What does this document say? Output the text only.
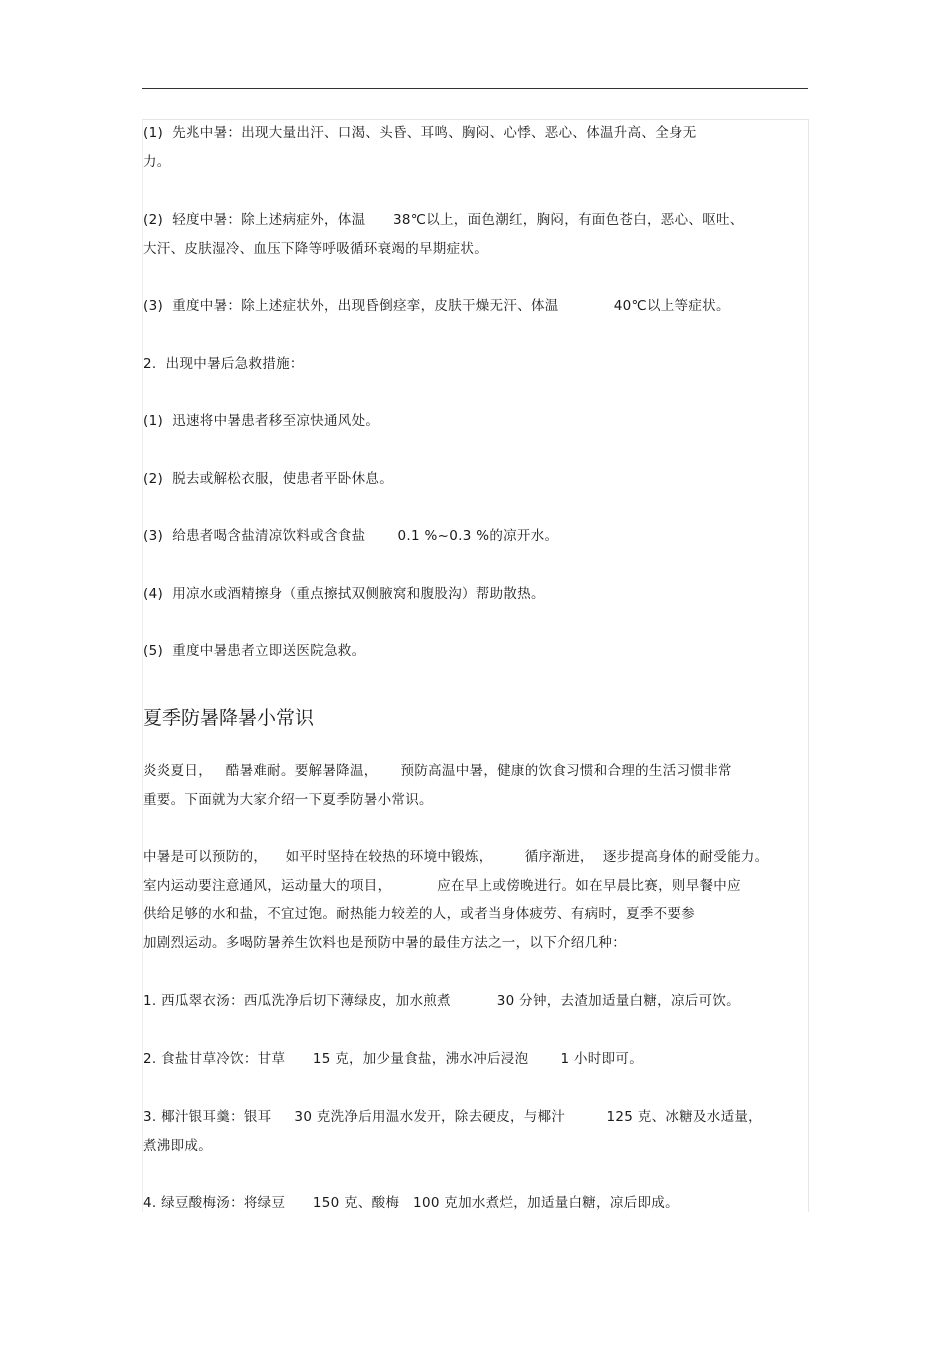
(1)  先兆中暑：出现大量出汗、口渴、头昏、耳鸣、胸闷、心悸、恶心、体温升高、全身无

力。

(2)  轻度中暑：除上述病症外，体温      38℃以上，面色潮红，胸闷，有面色苍白，恶心、呕吐、

大汗、皮肤湿冷、血压下降等呼吸循环衰竭的早期症状。

(3)  重度中暑：除上述症状外，出现昏倒痉挛，皮肤干燥无汗、体温            40℃以上等症状。

2.  出现中暑后急救措施：

(1)  迅速将中暑患者移至凉快通风处。

(2)  脱去或解松衣服，使患者平卧休息。

(3)  给患者喝含盐清凉饮料或含食盐       0.1 %~0.3 %的凉开水。

(4)  用凉水或酒精擦身（重点擦拭双侧腋窝和腹股沟）帮助散热。

(5)  重度中暑患者立即送医院急救。

夏季防暑降暑小常识

炎炎夏日，   酷暑难耐。要解暑降温，     预防高温中暑，健康的饮食习惯和合理的生活习惯非常

重要。下面就为大家介绍一下夏季防暑小常识。

中暑是可以预防的，    如平时坚持在较热的环境中锻炼，       循序渐进，  逐步提高身体的耐受能力。

室内运动要注意通风，运动量大的项目，          应在早上或傍晚进行。如在早晨比赛，则早餐中应

供给足够的水和盐，不宜过饱。耐热能力较差的人，或者当身体疲劳、有病时，夏季不要参

加剧烈运动。多喝防暑养生饮料也是预防中暑的最佳方法之一，以下介绍几种：

1. 西瓜翠衣汤：西瓜洗净后切下薄绿皮，加水煎煮          30 分钟，去渣加适量白糖，凉后可饮。

2. 食盐甘草冷饮：甘草      15 克，加少量食盐，沸水冲后浸泡       1 小时即可。

3. 椰汁银耳羹：银耳     30 克洗净后用温水发开，除去硬皮，与椰汁         125 克、冰糖及水适量，

煮沸即成。

4. 绿豆酸梅汤：将绿豆      150 克、酸梅   100 克加水煮烂，加适量白糖，凉后即成。
